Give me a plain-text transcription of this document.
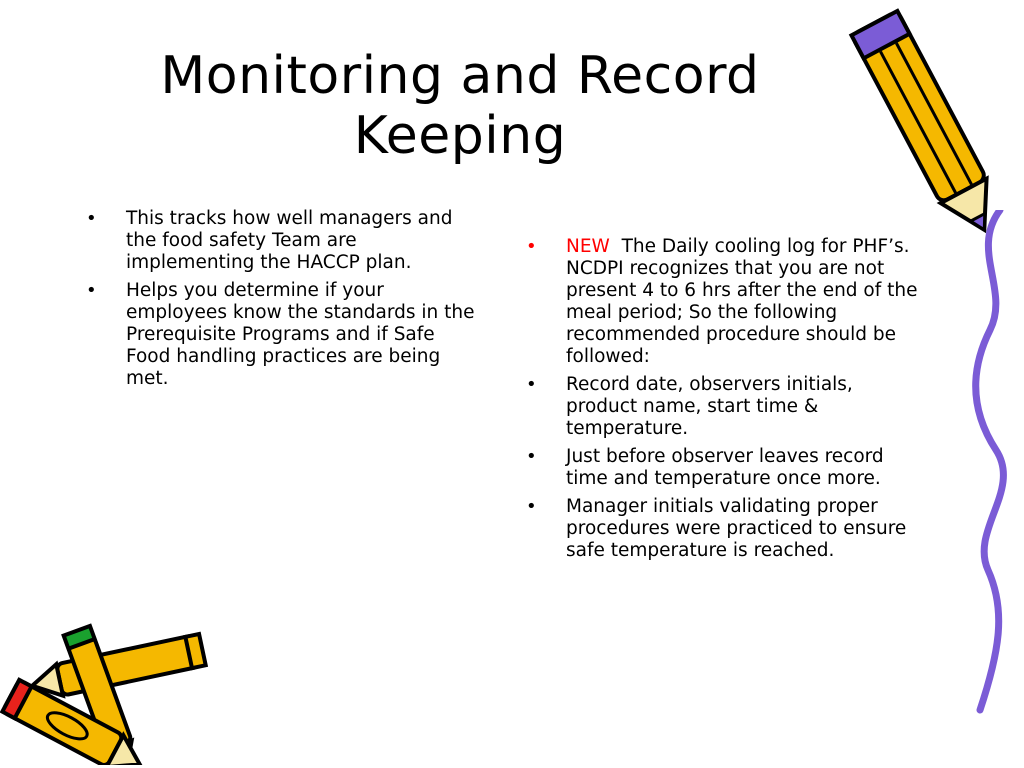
Monitoring and Record Keeping
•	This tracks how well managers and the food safety Team are implementing the HACCP plan.
•	Helps you determine if your employees know the standards in the Prerequisite Programs and if Safe Food handling practices are being met.
•	NEW  The Daily cooling log for PHF’s.  NCDPI recognizes that you are not present 4 to 6 hrs after the end of the meal period; So the following recommended procedure should be followed:
•	Record date, observers initials, product name, start time & temperature.
•	Just before observer leaves record time and temperature once more.
•	Manager initials validating proper procedures were practiced to ensure safe temperature is reached.
